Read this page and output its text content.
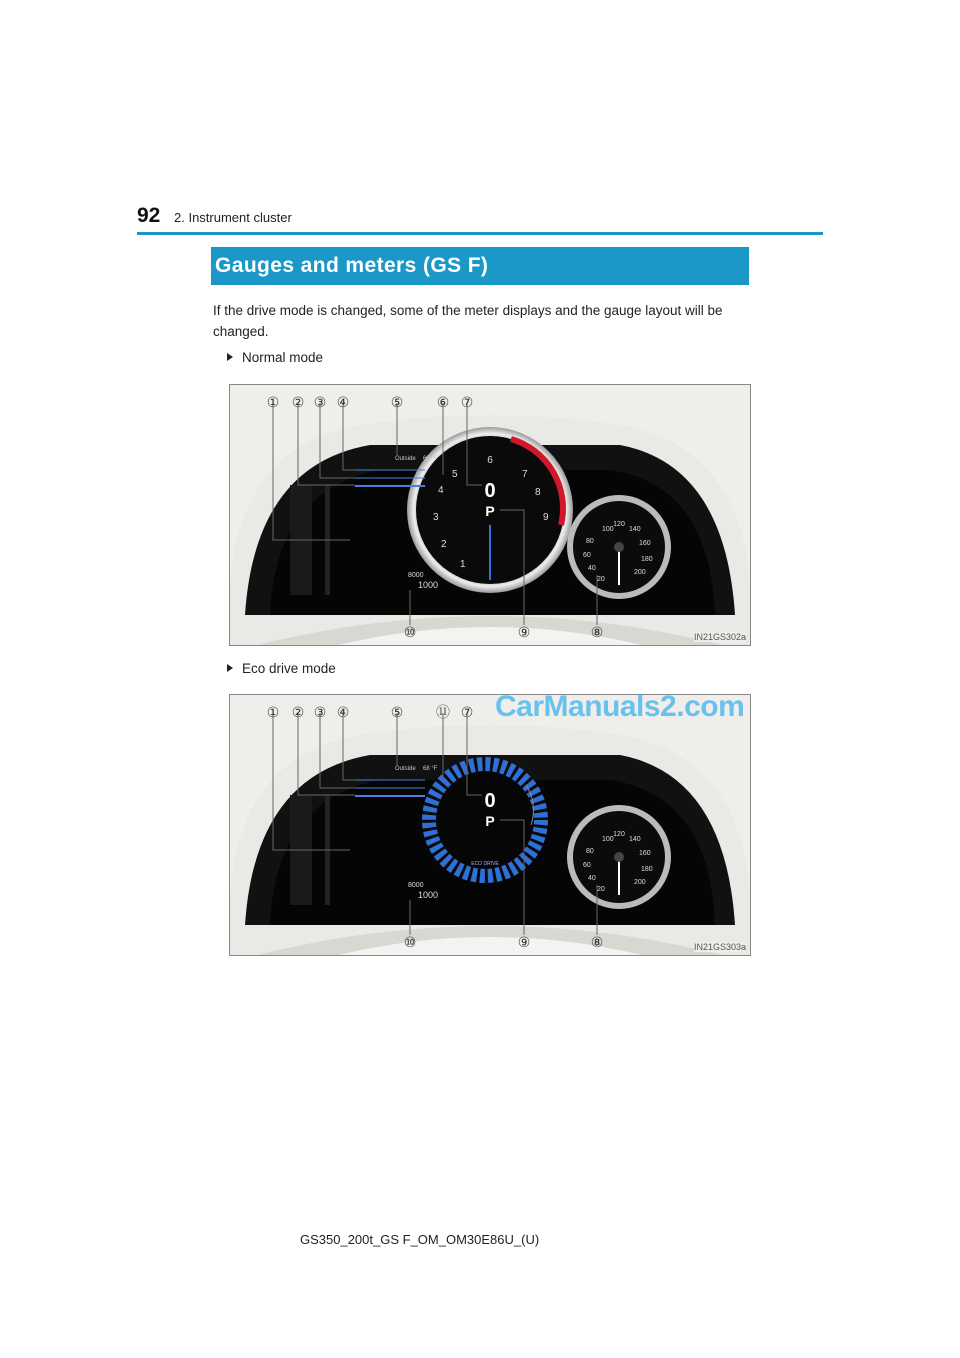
92 2. Instrument cluster
Gauges and meters (GS F)
If the drive mode is changed, some of the meter displays and the gauge layout will be changed.
Normal mode
6
5
4
3
2
1
7
8
9
0
P
120
100 140
80	160
60
180
40
200
20
Outside 68 °F
8000
1000
① ② ③ ④	⑤ ⑥ ⑦
⑩	⑨	⑧	IN21GS302a
Eco drive mode
0
P
ECO DRIVE
120
100 140
80	160
60
180
40
200
20
Outside 68 °F
8000
1000
① ② ③ ④	⑤ ⑪ ⑦
⑩	⑨	⑧	IN21GS303a
CarManuals2.com
GS350_200t_GS F_OM_OM30E86U_(U)
